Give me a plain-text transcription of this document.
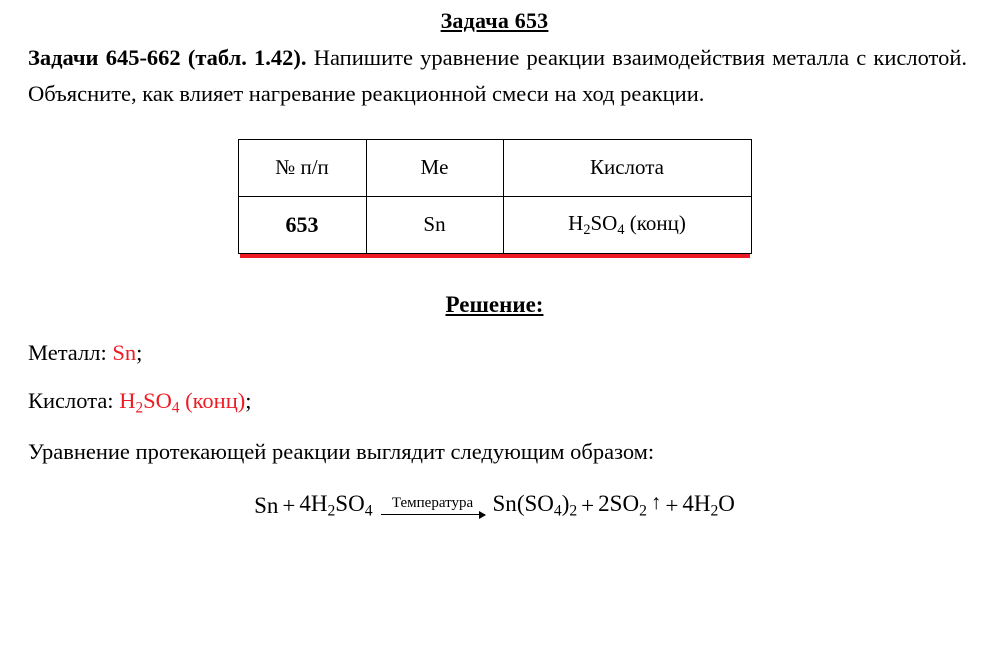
Задача 653
Задачи 645-662 (табл. 1.42). Напишите уравнение реакции взаимодействия металла с кислотой. Объясните, как влияет нагревание реакционной смеси на ход реакции.
№ п/п	Me	Кислота
653	Sn	$H_2SO_4$ (конц)
Решение:
Металл: Sn;
Кислота: $H_2SO_4$ (конц);
Уравнение протекающей реакции выглядит следующим образом:
$Sn + 4H_2SO_4$ Температура $Sn(SO_4)_2 + 2SO_2$ ↑ + $4H_2O$
